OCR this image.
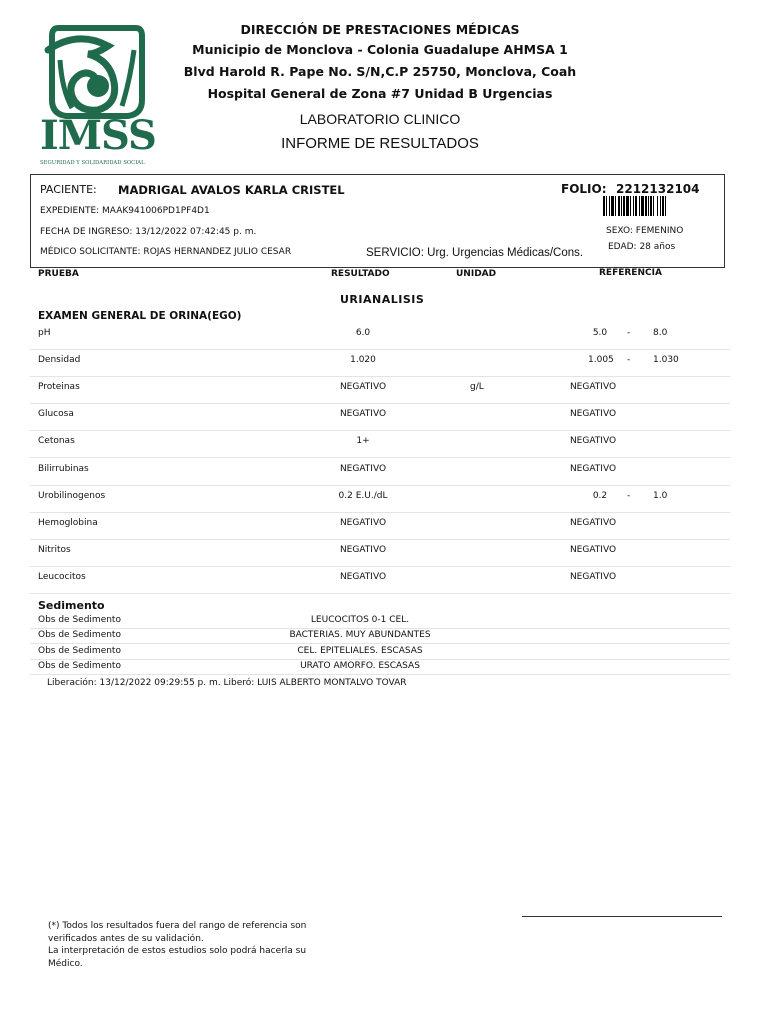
IMSS
SEGURIDAD Y SOLIDARIDAD SOCIAL
DIRECCIÓN DE PRESTACIONES MÉDICAS
Municipio de Monclova - Colonia Guadalupe AHMSA 1
Blvd Harold R. Pape No. S/N,C.P 25750, Monclova, Coah
Hospital General de Zona #7 Unidad B Urgencias
LABORATORIO CLINICO
INFORME DE RESULTADOS
PACIENTE: MADRIGAL AVALOS KARLA CRISTEL	FOLIO: 2212132104
EXPEDIENTE: MAAK941006PD1PF4D1
FECHA DE INGRESO: 13/12/2022 07:42:45 p. m.	SEXO: FEMENINO
MÉDICO SOLICITANTE: ROJAS HERNANDEZ JULIO CESAR	SERVICIO: Urg. Urgencias Médicas/Cons.	EDAD: 28 años
PRUEBA	RESULTADO	UNIDAD	REFERENCIA
URIANALISIS
EXAMEN GENERAL DE ORINA(EGO)
pH	6.0	5.0	-	8.0
Densidad	1.020	1.005 -	1.030
Proteinas	NEGATIVO	g/L	NEGATIVO
Glucosa	NEGATIVO	NEGATIVO
Cetonas	1+	NEGATIVO
Bilirrubinas	NEGATIVO	NEGATIVO
Urobilinogenos	0.2 E.U./dL	0.2	-	1.0
Hemoglobina	NEGATIVO	NEGATIVO
Nitritos	NEGATIVO	NEGATIVO
Leucocitos	NEGATIVO	NEGATIVO
Sedimento
Obs de Sedimento	LEUCOCITOS 0-1 CEL.
Obs de Sedimento	BACTERIAS. MUY ABUNDANTES
Obs de Sedimento	CEL. EPITELIALES. ESCASAS
Obs de Sedimento	URATO AMORFO. ESCASAS
Liberación: 13/12/2022 09:29:55 p. m. Liberó: LUIS ALBERTO MONTALVO TOVAR
(*) Todos los resultados fuera del rango de referencia son
verificados antes de su validación.
La interpretación de estos estudios solo podrá hacerla su
Médico.
